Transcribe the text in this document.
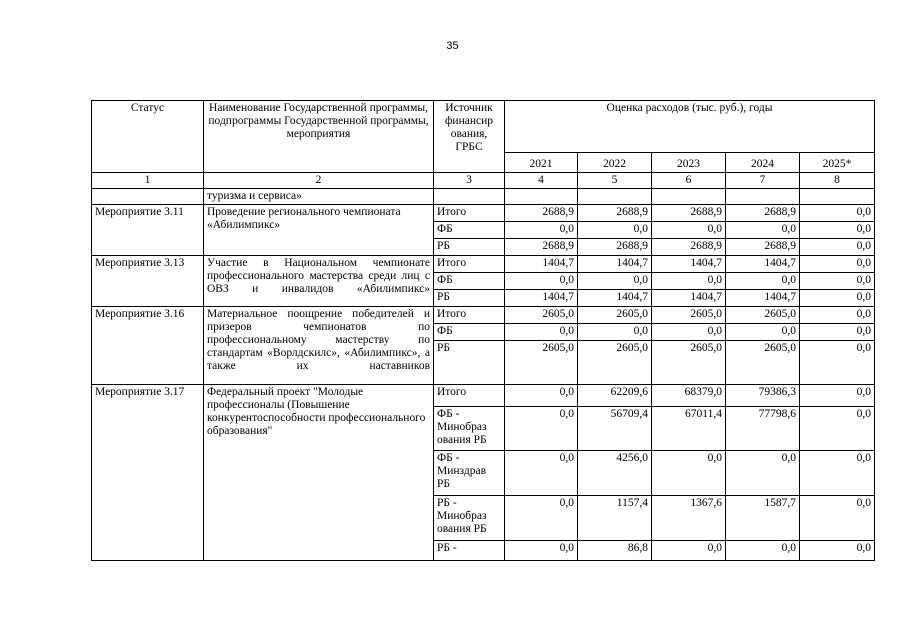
35
Статус	Наименование Государственной программы, подпрограммы Государственной программы, мероприятия	Источник финансир ования, ГРБС	Оценка расходов (тыс. руб.), годы				
			2021	2022	2023	2024	2025*
1	2	3	4	5	6	7	8
	туризма и сервиса»						
Мероприятие 3.11	Проведение регионального чемпионата «Абилимпикс»	Итого	2688,9	2688,9	2688,9	2688,9	0,0
		ФБ	0,0	0,0	0,0	0,0	0,0
		РБ	2688,9	2688,9	2688,9	2688,9	0,0
Мероприятие 3.13	Участие в Национальном чемпионате профессионального мастерства среди лиц с ОВЗ и инвалидов «Абилимпикс»	Итого	1404,7	1404,7	1404,7	1404,7	0,0
		ФБ	0,0	0,0	0,0	0,0	0,0
		РБ	1404,7	1404,7	1404,7	1404,7	0,0
Мероприятие 3.16	Материальное поощрение победителей и призеров чемпионатов по профессиональному мастерству по стандартам «Ворлдскилс», «Абилимпикс», а также их наставников	Итого	2605,0	2605,0	2605,0	2605,0	0,0
		ФБ	0,0	0,0	0,0	0,0	0,0
		РБ	2605,0	2605,0	2605,0	2605,0	0,0
Мероприятие 3.17	Федеральный проект "Молодые профессионалы (Повышение конкурентоспособности профессионального образования"	Итого	0,0	62209,6	68379,0	79386,3	0,0
		ФБ - Минобраз ования РБ	0,0	56709,4	67011,4	77798,6	0,0
		ФБ - Минздрав РБ	0,0	4256,0	0,0	0,0	0,0
		РБ - Минобраз ования РБ	0,0	1157,4	1367,6	1587,7	0,0
		РБ -	0,0	86,8	0,0	0,0	0,0
